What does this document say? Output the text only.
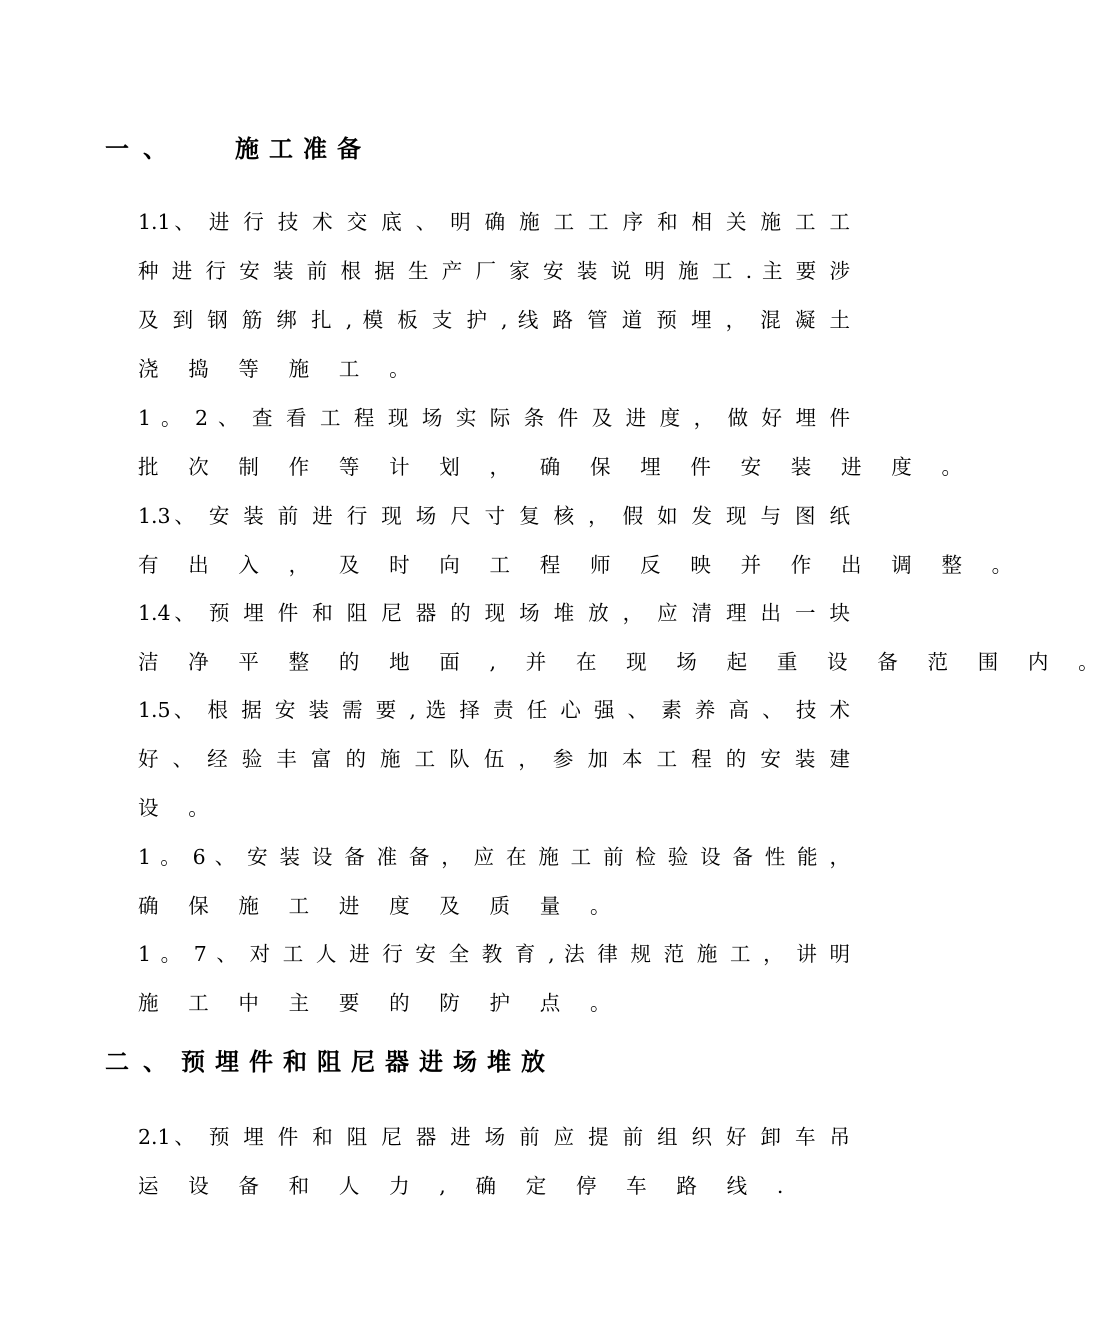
一、 施工准备
1.1、 进 行 技 术 交 底 、 明 确 施 工 工 序 和 相 关 施 工 工
种 进 行 安 装 前 根 据 生 产 厂 家 安 装 说 明 施 工 . 主 要 涉
及 到 钢 筋 绑 扎 , 模 板 支 护 , 线 路 管 道 预 埋 ， 混 凝 土
浇 捣 等 施 工 。
1 。 2 、 查 看 工 程 现 场 实 际 条 件 及 进 度 ， 做 好 埋 件
批 次 制 作 等 计 划 ， 确 保 埋 件 安 装 进 度 。
1.3、 安 装 前 进 行 现 场 尺 寸 复 核 ， 假 如 发 现 与 图 纸
有 出 入 ， 及 时 向 工 程 师 反 映 并 作 出 调 整 。
1.4、 预 埋 件 和 阻 尼 器 的 现 场 堆 放 ， 应 清 理 出 一 块
洁 净 平 整 的 地 面 , 并 在 现 场 起 重 设 备 范 围 内 。
1.5、 根 据 安 装 需 要 , 选 择 责 任 心 强 、 素 养 高 、 技 术
好 、 经 验 丰 富 的 施 工 队 伍 ， 参 加 本 工 程 的 安 装 建
设 。
1 。 6 、 安 装 设 备 准 备 ， 应 在 施 工 前 检 验 设 备 性 能 ，
确 保 施 工 进 度 及 质 量 。
1 。 7 、 对 工 人 进 行 安 全 教 育 , 法 律 规 范 施 工 ， 讲 明
施 工 中 主 要 的 防 护 点 。
二、预埋件和阻尼器进场堆放
2.1、 预 埋 件 和 阻 尼 器 进 场 前 应 提 前 组 织 好 卸 车 吊
运 设 备 和 人 力 , 确 定 停 车 路 线 .
